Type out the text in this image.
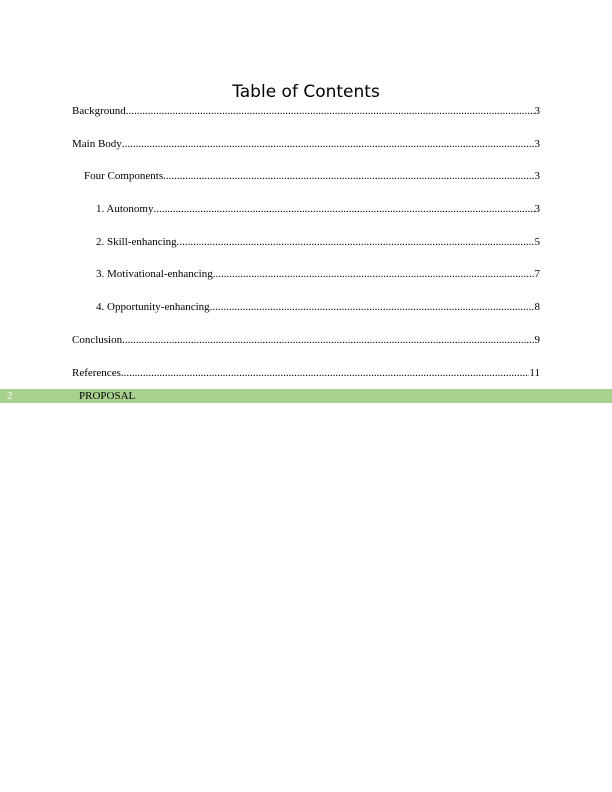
Table of Contents
Background .....	3
Main Body .....	3
Four Components .....	3
1. Autonomy .....	3
2. Skill-enhancing .....	5
3. Motivational-enhancing .....	7
4. Opportunity-enhancing .....	8
Conclusion .....	9
References .....	11
2	PROPOSAL
